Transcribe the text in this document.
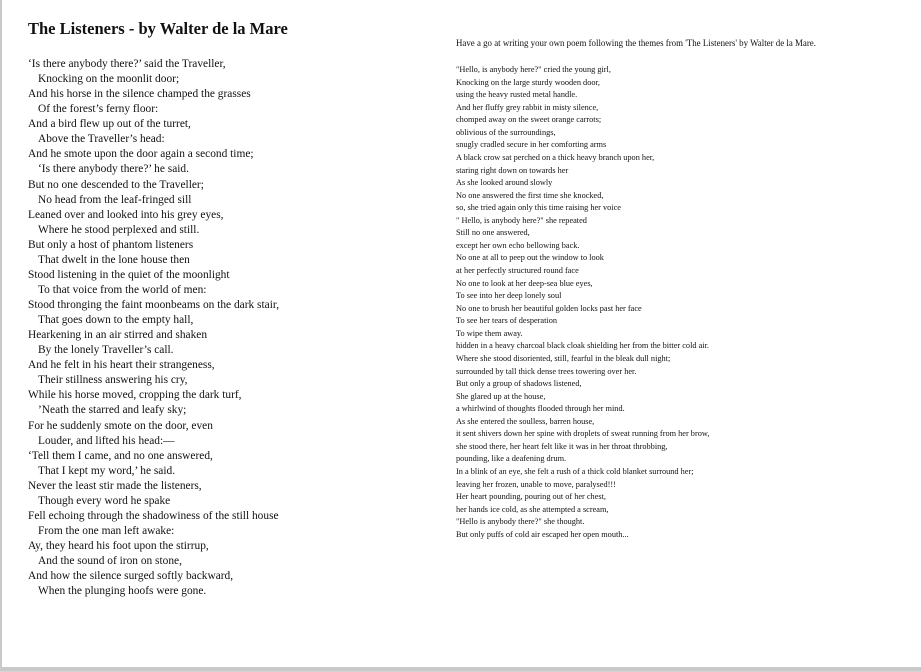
The Listeners - by Walter de la Mare
‘Is there anybody there?’ said the Traveller,
Knocking on the moonlit door;
And his horse in the silence champed the grasses
Of the forest’s ferny floor:
And a bird flew up out of the turret,
Above the Traveller’s head:
And he smote upon the door again a second time;
‘Is there anybody there?’ he said.
But no one descended to the Traveller;
No head from the leaf-fringed sill
Leaned over and looked into his grey eyes,
Where he stood perplexed and still.
But only a host of phantom listeners
That dwelt in the lone house then
Stood listening in the quiet of the moonlight
To that voice from the world of men:
Stood thronging the faint moonbeams on the dark stair,
That goes down to the empty hall,
Hearkening in an air stirred and shaken
By the lonely Traveller’s call.
And he felt in his heart their strangeness,
Their stillness answering his cry,
While his horse moved, cropping the dark turf,
’Neath the starred and leafy sky;
For he suddenly smote on the door, even
Louder, and lifted his head:—
‘Tell them I came, and no one answered,
That I kept my word,’ he said.
Never the least stir made the listeners,
Though every word he spake
Fell echoing through the shadowiness of the still house
From the one man left awake:
Ay, they heard his foot upon the stirrup,
And the sound of iron on stone,
And how the silence surged softly backward,
When the plunging hoofs were gone.
Have a go at writing your own poem following the themes from 'The Listeners' by Walter de la Mare.
"Hello, is anybody here?" cried the young girl,
Knocking on the large sturdy wooden door,
using the heavy rusted metal handle.
And her fluffy grey rabbit in misty silence,
chomped away on the sweet orange carrots;
oblivious of the surroundings,
snugly cradled secure in her comforting arms
A black crow sat perched on a thick heavy branch upon her,
staring right down on towards her
As she looked around slowly
No one answered the first time she knocked,
so, she tried again only this time raising her voice
" Hello, is anybody here?" she repeated
Still no one answered,
except her own echo bellowing back.
No one at all to peep out the window to look
at her perfectly structured round face
No one to look at her deep-sea blue eyes,
To see into her deep lonely soul
No one to brush her beautiful golden locks past her face
To see her tears of desperation
To wipe them away.
hidden in a heavy charcoal black cloak shielding her from the bitter cold air.
Where she stood disoriented, still, fearful in the bleak dull night;
surrounded by tall thick dense trees towering over her.
But only a group of shadows listened,
She glared up at the house,
a whirlwind of thoughts flooded through her mind.
As she entered the soulless, barren house,
it sent shivers down her spine with droplets of sweat running from her brow,
she stood there, her heart felt like it was in her throat throbbing,
pounding, like a deafening drum.
In a blink of an eye, she felt a rush of a thick cold blanket surround her;
leaving her frozen, unable to move, paralysed!!!
Her heart pounding, pouring out of her chest,
her hands ice cold, as she attempted a scream,
"Hello is anybody there?" she thought.
But only puffs of cold air escaped her open mouth...
